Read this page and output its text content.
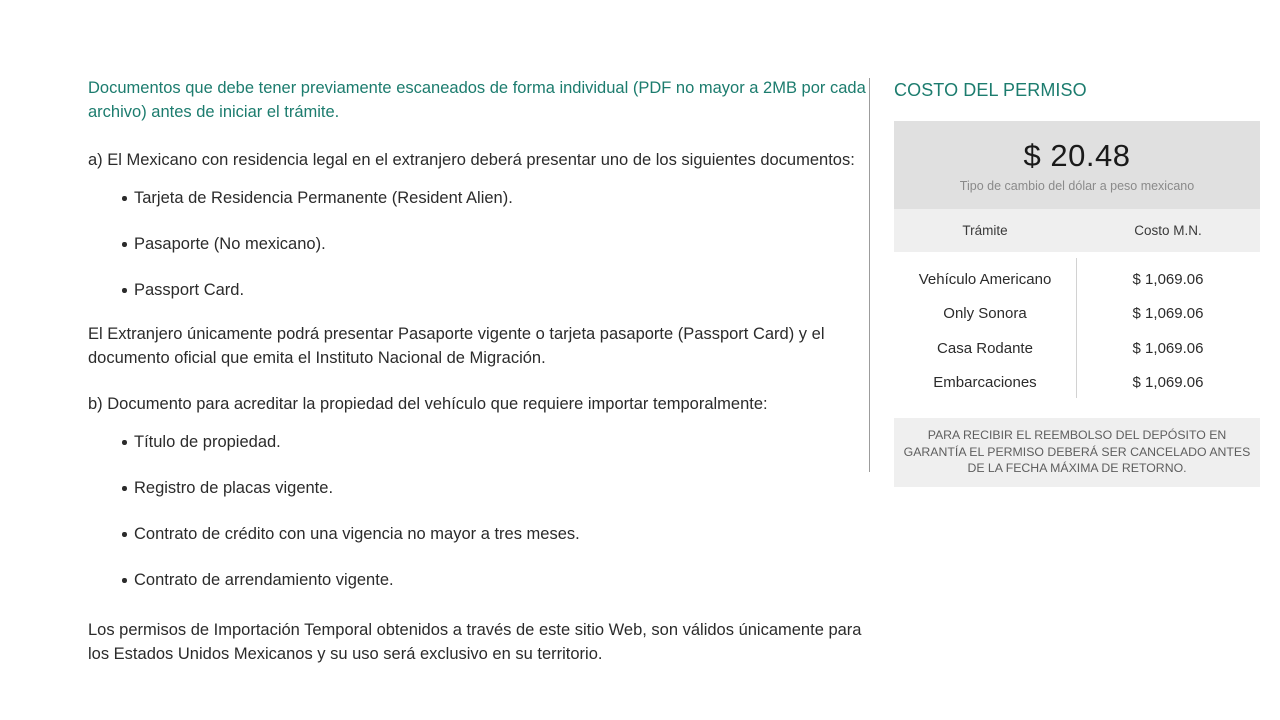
Documentos que debe tener previamente escaneados de forma individual (PDF no mayor a 2MB por cada archivo) antes de iniciar el trámite.

a) El Mexicano con residencia legal en el extranjero deberá presentar uno de los siguientes documentos:

Tarjeta de Residencia Permanente (Resident Alien).
Pasaporte (No mexicano).
Passport Card.

El Extranjero únicamente podrá presentar Pasaporte vigente o tarjeta pasaporte (Passport Card) y el documento oficial que emita el Instituto Nacional de Migración.

b) Documento para acreditar la propiedad del vehículo que requiere importar temporalmente:

Título de propiedad.
Registro de placas vigente.
Contrato de crédito con una vigencia no mayor a tres meses.
Contrato de arrendamiento vigente.

Los permisos de Importación Temporal obtenidos a través de este sitio Web, son válidos únicamente para los Estados Unidos Mexicanos y su uso será exclusivo en su territorio.

COSTO DEL PERMISO
$ 20.48
Tipo de cambio del dólar a peso mexicano
Trámite	Costo M.N.
Vehículo Americano	$ 1,069.06
Only Sonora	$ 1,069.06
Casa Rodante	$ 1,069.06
Embarcaciones	$ 1,069.06
PARA RECIBIR EL REEMBOLSO DEL DEPÓSITO EN GARANTÍA EL PERMISO DEBERÁ SER CANCELADO ANTES DE LA FECHA MÁXIMA DE RETORNO.
